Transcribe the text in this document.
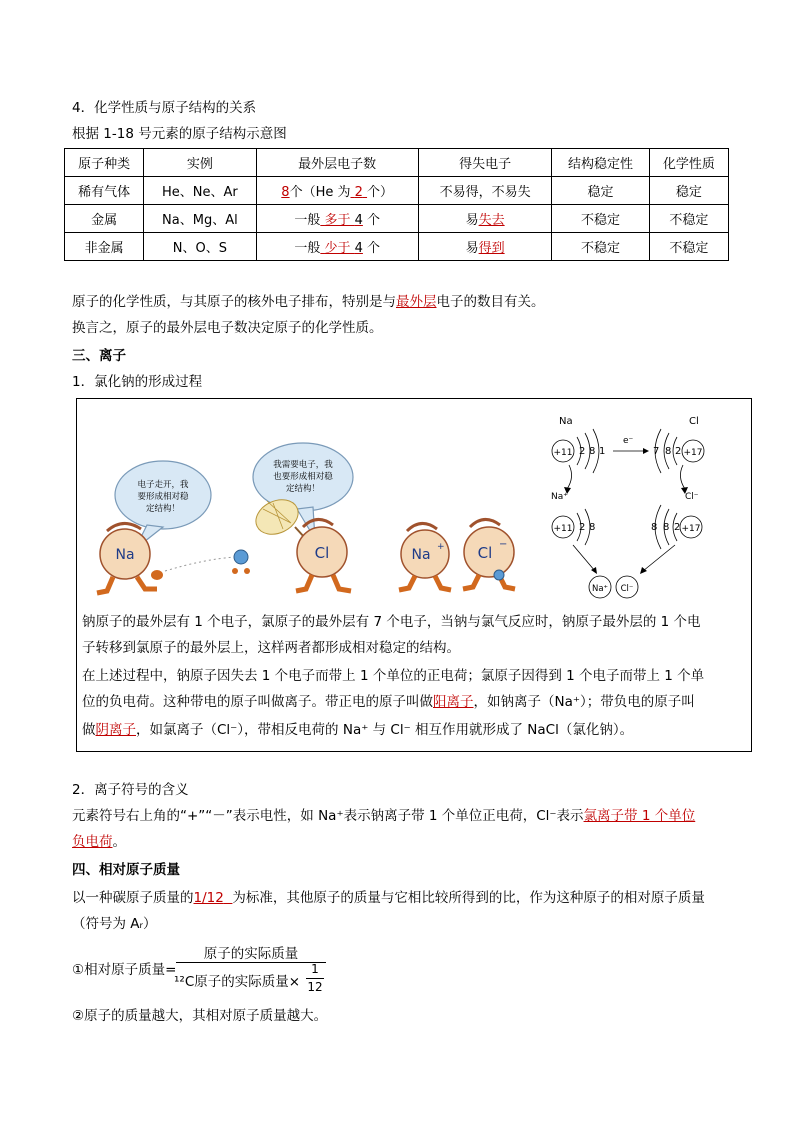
4．化学性质与原子结构的关系
根据 1-18 号元素的原子结构示意图
原子种类	实例	最外层电子数	得失电子	结构稳定性	化学性质
稀有气体	He、Ne、Ar	8个（He 为 2 个）	不易得，不易失	稳定	稳定
金属	Na、Mg、Al	一般 多于 4 个	易失去	不稳定	不稳定
非金属	N、O、S	一般 少于 4 个	易得到	不稳定	不稳定
原子的化学性质，与其原子的核外电子排布，特别是与最外层电子的数目有关。
换言之，原子的最外层电子数决定原子的化学性质。
三、离子
1．氯化钠的形成过程
电子走开，我
要形成相对稳
定结构！
我需要电子，我
也要形成相对稳
定结构！
Na	Cl	Na + Cl −
Na	Cl
+11 2 8 1
e⁻
7 8 2 +17
Na⁺	Cl⁻
+11 2 8	8 8 2 +17
Na⁺ Cl⁻
钠原子的最外层有 1 个电子，氯原子的最外层有 7 个电子，当钠与氯气反应时，钠原子最外层的 1 个电
子转移到氯原子的最外层上，这样两者都形成相对稳定的结构。
在上述过程中，钠原子因失去 1 个电子而带上 1 个单位的正电荷；氯原子因得到 1 个电子而带上 1 个单
位的负电荷。这种带电的原子叫做离子。带正电的原子叫做阳离子，如钠离子（Na⁺）；带负电的原子叫
做阴离子，如氯离子（Cl⁻），带相反电荷的 Na⁺ 与 Cl⁻ 相互作用就形成了 NaCl（氯化钠）。
2．离子符号的含义
元素符号右上角的“+”“－”表示电性，如 Na⁺表示钠离子带 1 个单位正电荷，Cl⁻表示氯离子带 1 个单位
负电荷。
四、相对原子质量
以一种碳原子质量的1/12 为标准，其他原子的质量与它相比较所得到的比，作为这种原子的相对原子质量
（符号为 Aᵣ）
①相对原子质量=
原子的实际质量
¹²C原子的实际质量×
1
12
②原子的质量越大，其相对原子质量越大。
